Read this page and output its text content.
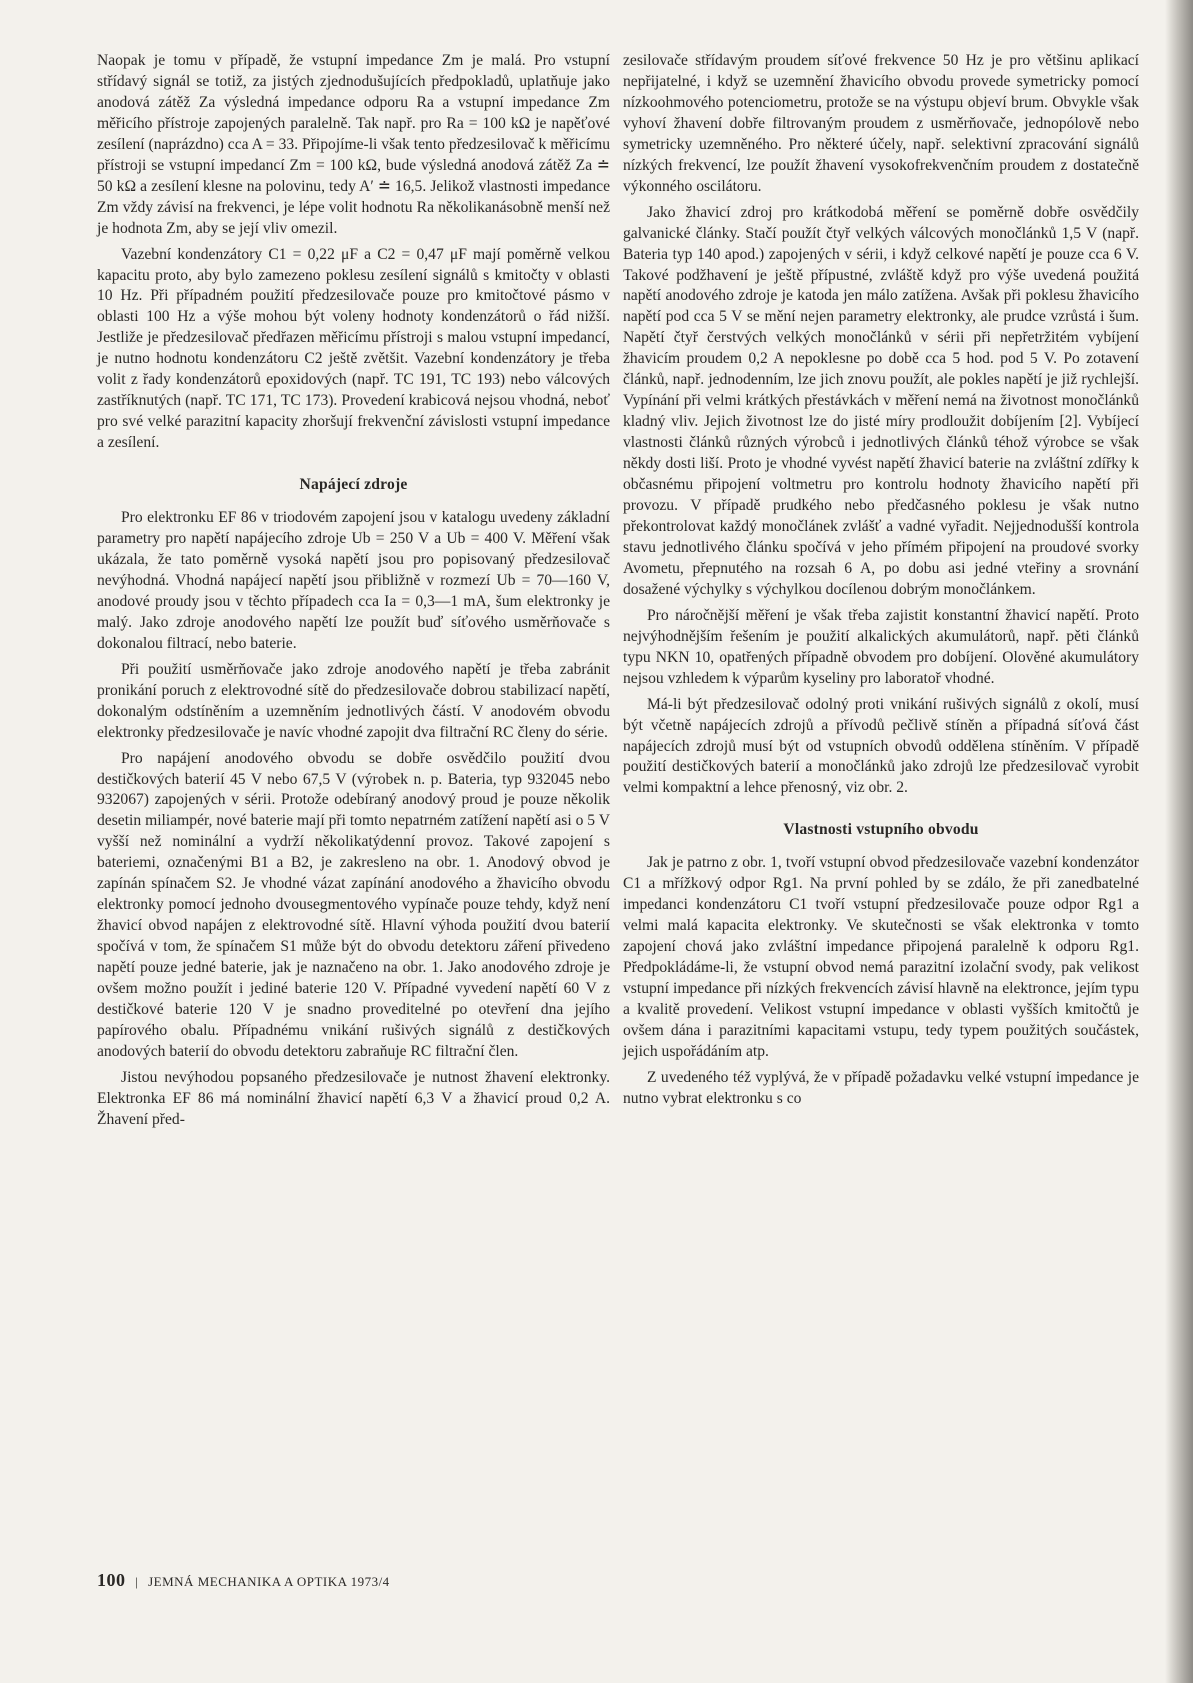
Naopak je tomu v případě, že vstupní impedance Zm je malá. Pro vstupní střídavý signál se totiž, za jistých zjednodušujících předpokladů, uplatňuje jako anodová zátěž Za výsledná impedance odporu Ra a vstupní impedance Zm měřicího přístroje zapojených paralelně. Tak např. pro Ra = 100 kΩ je napěťové zesílení (naprázdno) cca A = 33. Připojíme-li však tento předzesilovač k měřicímu přístroji se vstupní impedancí Zm = 100 kΩ, bude výsledná anodová zátěž Za ≐ 50 kΩ a zesílení klesne na polovinu, tedy A′ ≐ 16,5. Jelikož vlastnosti impedance Zm vždy závisí na frekvenci, je lépe volit hodnotu Ra několikanásobně menší než je hodnota Zm, aby se její vliv omezil.

Vazební kondenzátory C1 = 0,22 μF a C2 = 0,47 μF mají poměrně velkou kapacitu proto, aby bylo zamezeno poklesu zesílení signálů s kmitočty v oblasti 10 Hz. Při případném použití předzesilovače pouze pro kmitočtové pásmo v oblasti 100 Hz a výše mohou být voleny hodnoty kondenzátorů o řád nižší. Jestliže je předzesilovač předřazen měřicímu přístroji s malou vstupní impedancí, je nutno hodnotu kondenzátoru C2 ještě zvětšit. Vazební kondenzátory je třeba volit z řady kondenzátorů epoxidových (např. TC 191, TC 193) nebo válcových zastříknutých (např. TC 171, TC 173). Provedení krabicová nejsou vhodná, neboť pro své velké parazitní kapacity zhoršují frekvenční závislosti vstupní impedance a zesílení.

Napájecí zdroje

Pro elektronku EF 86 v triodovém zapojení jsou v katalogu uvedeny základní parametry pro napětí napájecího zdroje Ub = 250 V a Ub = 400 V. Měření však ukázala, že tato poměrně vysoká napětí jsou pro popisovaný předzesilovač nevýhodná. Vhodná napájecí napětí jsou přibližně v rozmezí Ub = 70—160 V, anodové proudy jsou v těchto případech cca Ia = 0,3—1 mA, šum elektronky je malý. Jako zdroje anodového napětí lze použít buď síťového usměrňovače s dokonalou filtrací, nebo baterie.

Při použití usměrňovače jako zdroje anodového napětí je třeba zabránit pronikání poruch z elektrovodné sítě do předzesilovače dobrou stabilizací napětí, dokonalým odstíněním a uzemněním jednotlivých částí. V anodovém obvodu elektronky předzesilovače je navíc vhodné zapojit dva filtrační RC členy do série.

Pro napájení anodového obvodu se dobře osvědčilo použití dvou destičkových baterií 45 V nebo 67,5 V (výrobek n. p. Bateria, typ 932045 nebo 932067) zapojených v sérii. Protože odebíraný anodový proud je pouze několik desetin miliampér, nové baterie mají při tomto nepatrném zatížení napětí asi o 5 V vyšší než nominální a vydrží několikatýdenní provoz. Takové zapojení s bateriemi, označenými B1 a B2, je zakresleno na obr. 1. Anodový obvod je zapínán spínačem S2. Je vhodné vázat zapínání anodového a žhavicího obvodu elektronky pomocí jednoho dvousegmentového vypínače pouze tehdy, když není žhavicí obvod napájen z elektrovodné sítě. Hlavní výhoda použití dvou baterií spočívá v tom, že spínačem S1 může být do obvodu detektoru záření přivedeno napětí pouze jedné baterie, jak je naznačeno na obr. 1. Jako anodového zdroje je ovšem možno použít i jediné baterie 120 V. Případné vyvedení napětí 60 V z destičkové baterie 120 V je snadno proveditelné po otevření dna jejího papírového obalu. Případnému vnikání rušivých signálů z destičkových anodových baterií do obvodu detektoru zabraňuje RC filtrační člen.

Jistou nevýhodou popsaného předzesilovače je nutnost žhavení elektronky. Elektronka EF 86 má nominální žhavicí napětí 6,3 V a žhavicí proud 0,2 A. Žhavení před-

zesilovače střídavým proudem síťové frekvence 50 Hz je pro většinu aplikací nepřijatelné, i když se uzemnění žhavicího obvodu provede symetricky pomocí nízkoohmového potenciometru, protože se na výstupu objeví brum. Obvykle však vyhoví žhavení dobře filtrovaným proudem z usměrňovače, jednopólově nebo symetricky uzemněného. Pro některé účely, např. selektivní zpracování signálů nízkých frekvencí, lze použít žhavení vysokofrekvenčním proudem z dostatečně výkonného oscilátoru.

Jako žhavicí zdroj pro krátkodobá měření se poměrně dobře osvědčily galvanické články. Stačí použít čtyř velkých válcových monočlánků 1,5 V (např. Bateria typ 140 apod.) zapojených v sérii, i když celkové napětí je pouze cca 6 V. Takové podžhavení je ještě přípustné, zvláště když pro výše uvedená použitá napětí anodového zdroje je katoda jen málo zatížena. Avšak při poklesu žhavicího napětí pod cca 5 V se mění nejen parametry elektronky, ale prudce vzrůstá i šum. Napětí čtyř čerstvých velkých monočlánků v sérii při nepřetržitém vybíjení žhavicím proudem 0,2 A nepoklesne po době cca 5 hod. pod 5 V. Po zotavení článků, např. jednodenním, lze jich znovu použít, ale pokles napětí je již rychlejší. Vypínání při velmi krátkých přestávkách v měření nemá na životnost monočlánků kladný vliv. Jejich životnost lze do jisté míry prodloužit dobíjením [2]. Vybíjecí vlastnosti článků různých výrobců i jednotlivých článků téhož výrobce se však někdy dosti liší. Proto je vhodné vyvést napětí žhavicí baterie na zvláštní zdířky k občasnému připojení voltmetru pro kontrolu hodnoty žhavicího napětí při provozu. V případě prudkého nebo předčasného poklesu je však nutno překontrolovat každý monočlánek zvlášť a vadné vyřadit. Nejjednodušší kontrola stavu jednotlivého článku spočívá v jeho přímém připojení na proudové svorky Avometu, přepnutého na rozsah 6 A, po dobu asi jedné vteřiny a srovnání dosažené výchylky s výchylkou docílenou dobrým monočlánkem.

Pro náročnější měření je však třeba zajistit konstantní žhavicí napětí. Proto nejvýhodnějším řešením je použití alkalických akumulátorů, např. pěti článků typu NKN 10, opatřených případně obvodem pro dobíjení. Olověné akumulátory nejsou vzhledem k výparům kyseliny pro laboratoř vhodné.

Má-li být předzesilovač odolný proti vnikání rušivých signálů z okolí, musí být včetně napájecích zdrojů a přívodů pečlivě stíněn a případná síťová část napájecích zdrojů musí být od vstupních obvodů oddělena stíněním. V případě použití destičkových baterií a monočlánků jako zdrojů lze předzesilovač vyrobit velmi kompaktní a lehce přenosný, viz obr. 2.

Vlastnosti vstupního obvodu

Jak je patrno z obr. 1, tvoří vstupní obvod předzesilovače vazební kondenzátor C1 a mřížkový odpor Rg1. Na první pohled by se zdálo, že při zanedbatelné impedanci kondenzátoru C1 tvoří vstupní předzesilovače pouze odpor Rg1 a velmi malá kapacita elektronky. Ve skutečnosti se však elektronka v tomto zapojení chová jako zvláštní impedance připojená paralelně k odporu Rg1. Předpokládáme-li, že vstupní obvod nemá parazitní izolační svody, pak velikost vstupní impedance při nízkých frekvencích závisí hlavně na elektronce, jejím typu a kvalitě provedení. Velikost vstupní impedance v oblasti vyšších kmitočtů je ovšem dána i parazitními kapacitami vstupu, tedy typem použitých součástek, jejich uspořádáním atp.

Z uvedeného též vyplývá, že v případě požadavku velké vstupní impedance je nutno vybrat elektronku s co

100 | JEMNÁ MECHANIKA A OPTIKA 1973/4
